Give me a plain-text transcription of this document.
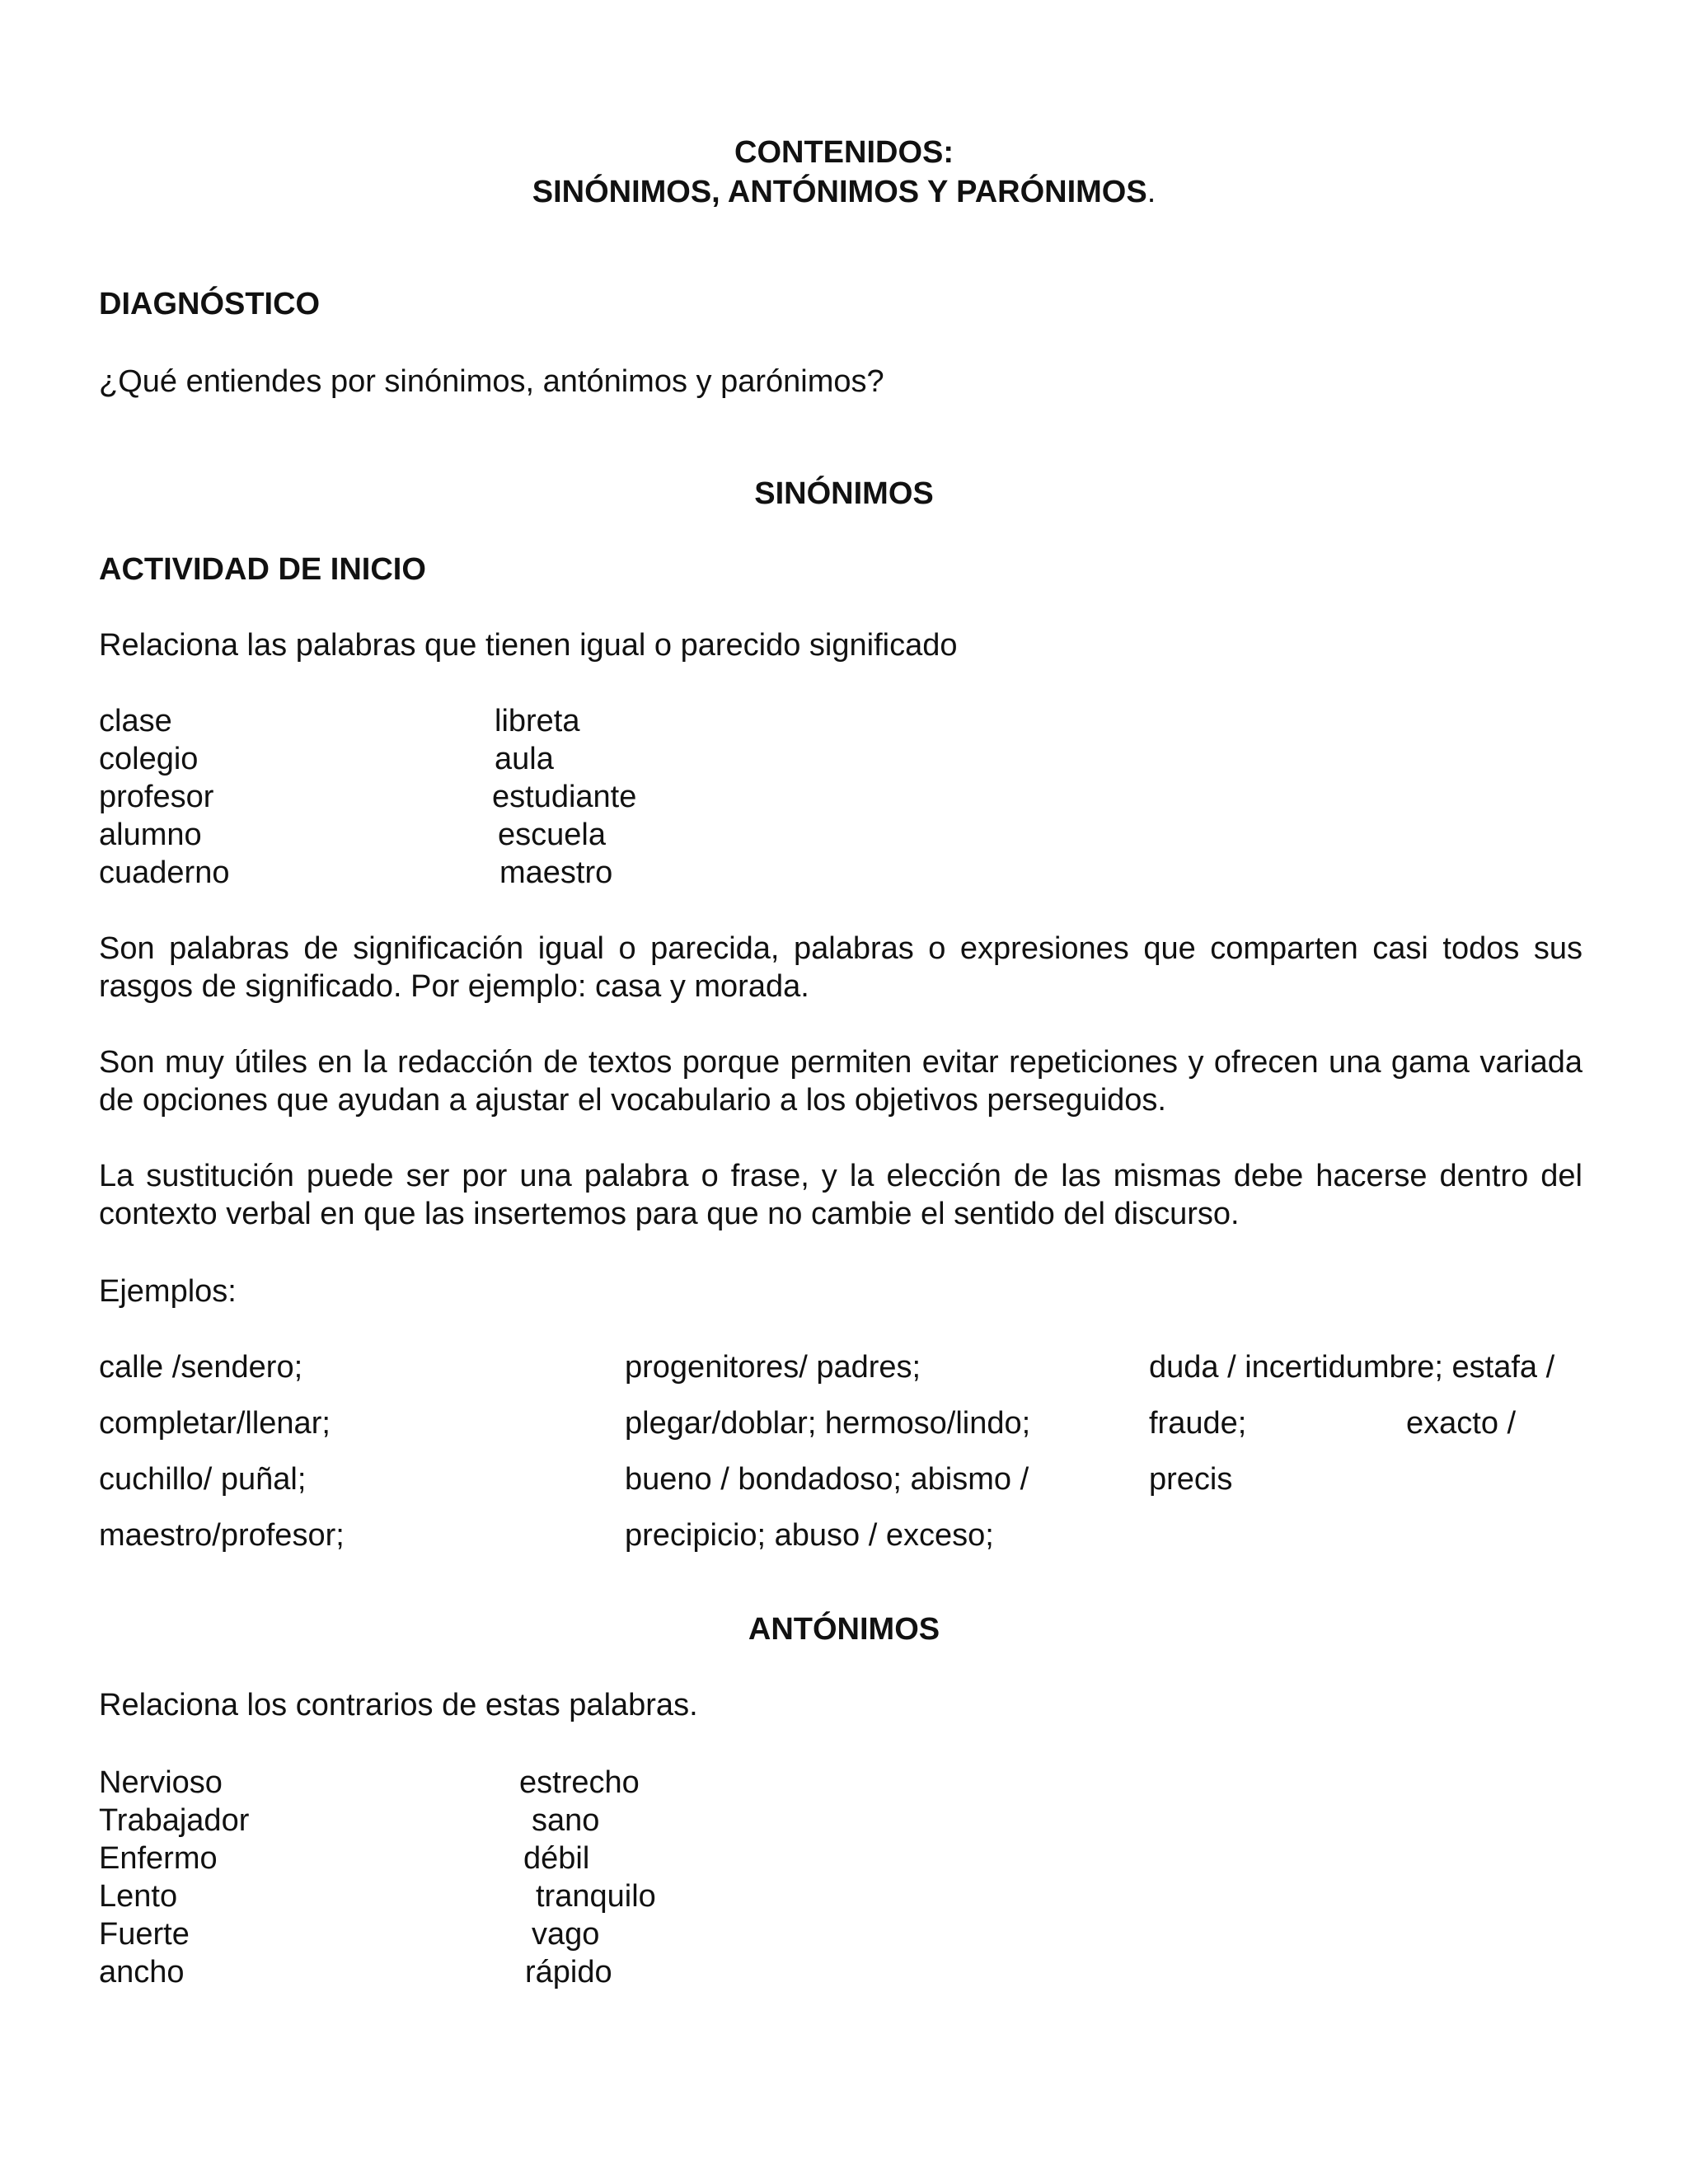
CONTENIDOS:

SINÓNIMOS, ANTÓNIMOS Y PARÓNIMOS.

DIAGNÓSTICO

¿Qué entiendes por sinónimos, antónimos y parónimos?

SINÓNIMOS

ACTIVIDAD DE INICIO

Relaciona las palabras que tienen igual o parecido significado

clase

colegio

profesor

alumno

cuaderno

libreta

aula

estudiante

escuela

maestro

Son palabras de significación igual o parecida, palabras o expresiones que comparten casi todos sus rasgos de significado. Por ejemplo: casa y morada.

Son muy útiles en la redacción de textos porque permiten evitar repeticiones y ofrecen una gama variada de opciones que ayudan a ajustar el vocabulario a los objetivos perseguidos.

La sustitución puede ser por una palabra o frase, y la elección de las mismas debe hacerse dentro del contexto verbal en que las insertemos para que no cambie el sentido del discurso.

Ejemplos:

calle /sendero;

completar/llenar;

cuchillo/ puñal;

maestro/profesor;

progenitores/ padres;

plegar/doblar; hermoso/lindo;

bueno / bondadoso; abismo /

precipicio; abuso / exceso;

duda / incertidumbre; estafa /

fraude;	exacto /

precis

ANTÓNIMOS

Relaciona los contrarios de estas palabras.

Nervioso

Trabajador

Enfermo

Lento

Fuerte

ancho

estrecho

sano

débil

tranquilo

vago

rápido
